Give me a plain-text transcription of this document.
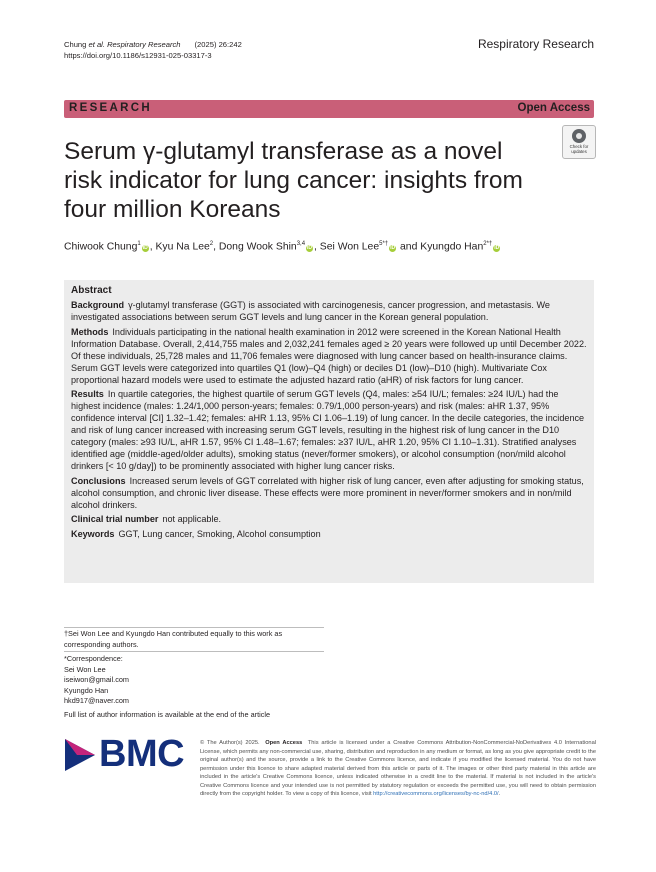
Chung et al. Respiratory Research (2025) 26:242
https://doi.org/10.1186/s12931-025-03317-3
Respiratory Research
RESEARCH	Open Access
Check for
updates
Serum γ-glutamyl transferase as a novel risk indicator for lung cancer: insights from four million Koreans
Chiwook Chung$^1$iD , Kyu Na Lee$^2$, Dong Wook Shin$^{3,4}$iD , Sei Won Lee$^{5*\dagger}$iD and Kyungdo Han$^{2*\dagger}$iD
Abstract

Background γ-glutamyl transferase (GGT) is associated with carcinogenesis, cancer progression, and metastasis. We investigated associations between serum GGT levels and lung cancer in the Korean general population.

Methods Individuals participating in the national health examination in 2012 were screened in the Korean National Health Information Database. Overall, 2,414,755 males and 2,032,241 females aged ≥ 20 years were followed up until December 2022. Of these individuals, 25,728 males and 11,706 females were diagnosed with lung cancer based on health-insurance claims. Serum GGT levels were categorized into quartiles Q1 (low)–Q4 (high) or deciles D1 (low)–D10 (high). Multivariate Cox proportional hazard models were used to estimate the adjusted hazard ratio (aHR) of risk factors for lung cancer.

Results In quartile categories, the highest quartile of serum GGT levels (Q4, males: ≥54 IU/L; females: ≥24 IU/L) had the highest incidence (males: 1.24/1,000 person-years; females: 0.79/1,000 person-years) and risk (males: aHR 1.37, 95% confidence interval [CI] 1.32–1.42; females: aHR 1.13, 95% CI 1.06–1.19) of lung cancer. In the decile categories, the incidence and risk of lung cancer increased with increasing serum GGT levels, resulting in the highest risk of lung cancer in the D10 category (males: ≥93 IU/L, aHR 1.57, 95% CI 1.48–1.67; females: ≥37 IU/L, aHR 1.20, 95% CI 1.10–1.31). Stratified analyses identified age (middle-aged/older adults), smoking status (never/former smokers), or alcohol consumption (non/mild alcohol drinkers [< 10 g/day]) to be prominently associated with higher lung cancer risks.

Conclusions Increased serum levels of GGT correlated with higher risk of lung cancer, even after adjusting for smoking status, alcohol consumption, and chronic liver disease. These effects were more prominent in never/former smokers and in non/mild alcohol drinkers.

Clinical trial number not applicable.

Keywords GGT, Lung cancer, Smoking, Alcohol consumption

†Sei Won Lee and Kyungdo Han contributed equally to this work as corresponding authors.
*Correspondence:
Sei Won Lee
iseiwon@gmail.com
Kyungdo Han
hkd917@naver.com
Full list of author information is available at the end of the article
BMC	© The Author(s) 2025. Open Access This article is licensed under a Creative Commons Attribution-NonCommercial-NoDerivatives 4.0 International License, which permits any non-commercial use, sharing, distribution and reproduction in any medium or format, as long as you give appropriate credit to the original author(s) and the source, provide a link to the Creative Commons licence, and indicate if you modified the licensed material. You do not have permission under this licence to share adapted material derived from this article or parts of it. The images or other third party material in this article are included in the article's Creative Commons licence, unless indicated otherwise in a credit line to the material. If material is not included in the article's Creative Commons licence and your intended use is not permitted by statutory regulation or exceeds the permitted use, you will need to obtain permission directly from the copyright holder. To view a copy of this licence, visit http://creativecommons.org/licenses/by-nc-nd/4.0/.
